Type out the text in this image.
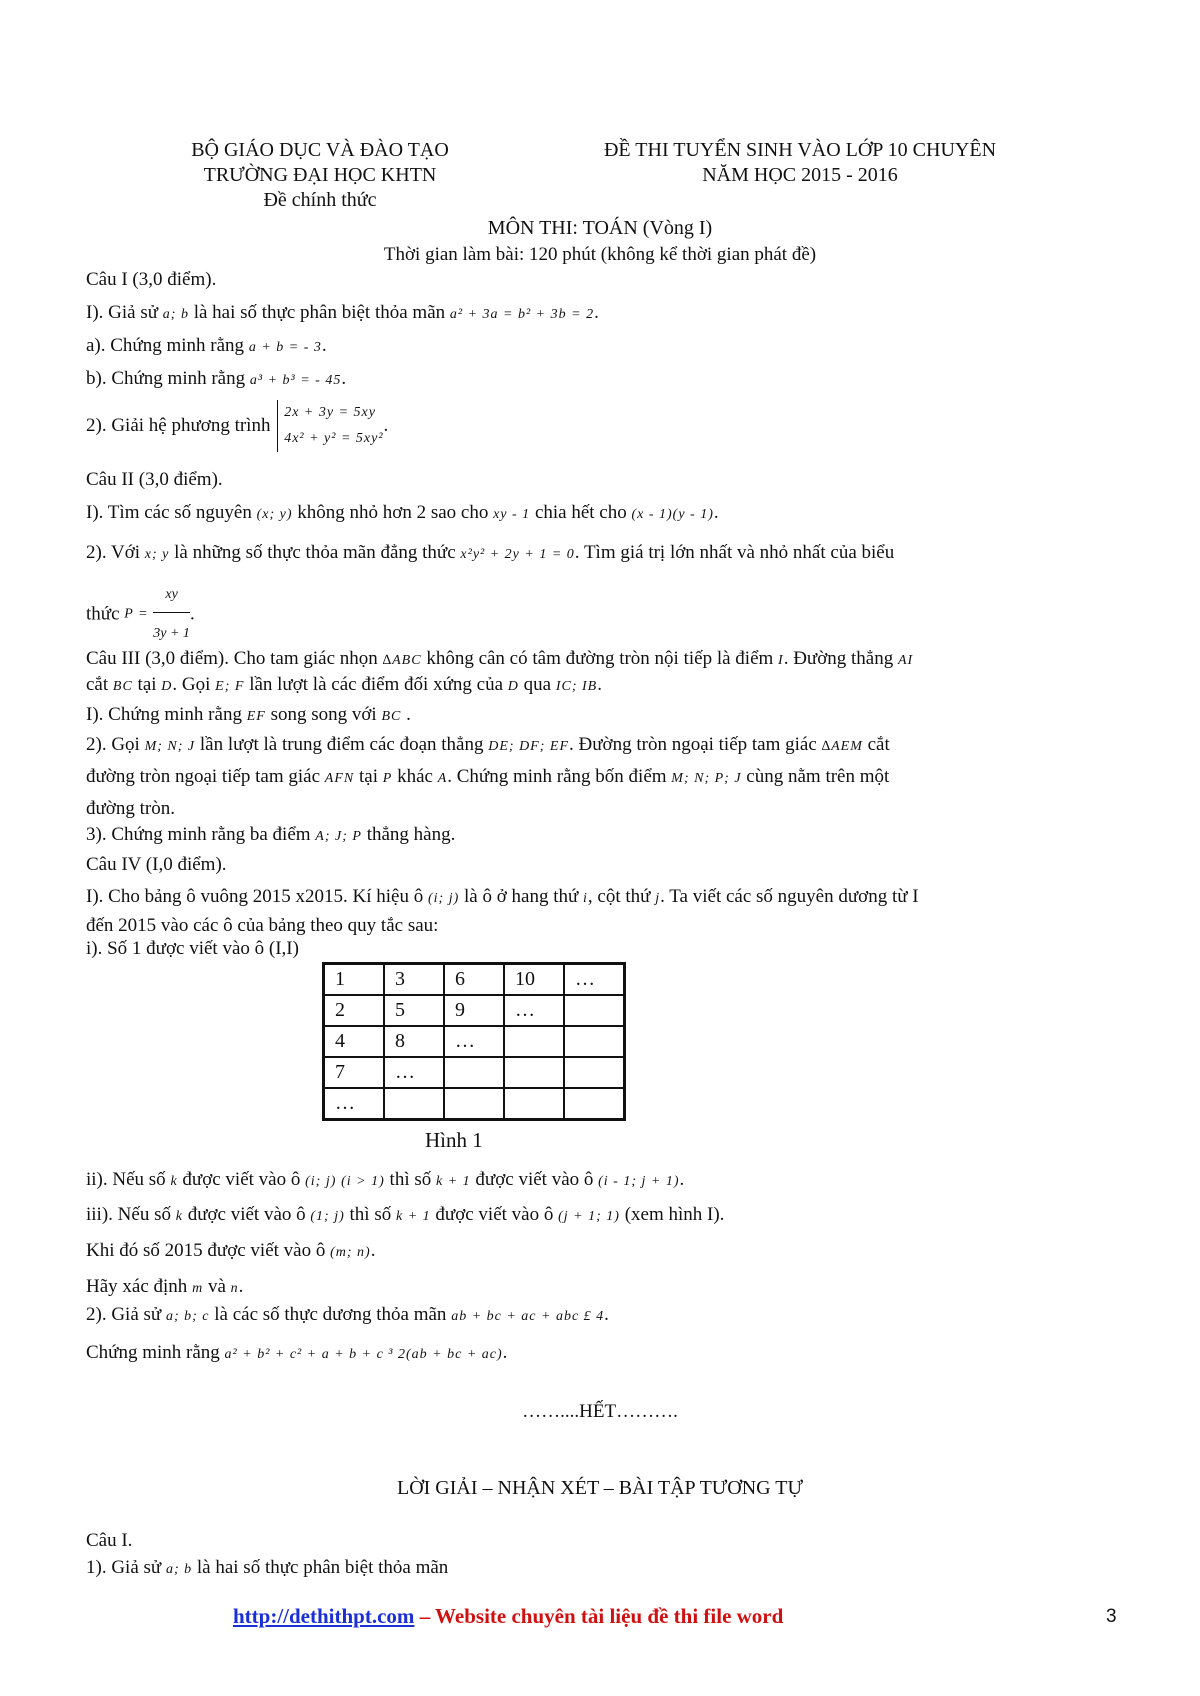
BỘ GIÁO DỤC VÀ ĐÀO TẠO
TRƯỜNG ĐẠI HỌC KHTN
Đề chính thức
ĐỀ THI TUYỂN SINH VÀO LỚP 10 CHUYÊN
NĂM HỌC 2015 - 2016
MÔN THI: TOÁN (Vòng I)
Thời gian làm bài: 120 phút (không kể thời gian phát đề)
Câu I (3,0 điểm).
I). Giả sử a; b là hai số thực phân biệt thỏa mãn a² + 3a = b² + 3b = 2.
a). Chứng minh rằng a + b = - 3.
b). Chứng minh rằng a³ + b³ = - 45.
2). Giải hệ phương trình
2x + 3y = 5xy
4x² + y² = 5xy²
.
Câu II (3,0 điểm).
I). Tìm các số nguyên (x; y) không nhỏ hơn 2 sao cho xy - 1 chia hết cho (x - 1)(y - 1).
2). Với x; y là những số thực thỏa mãn đẳng thức x²y² + 2y + 1 = 0. Tìm giá trị lớn nhất và nhỏ nhất của biểu
thức $P = \frac{xy}{3y + 1}$ .
Câu III (3,0 điểm). Cho tam giác nhọn ∆ABC không cân có tâm đường tròn nội tiếp là điểm I. Đường thẳng AI
cắt BC tại D. Gọi E; F lần lượt là các điểm đối xứng của D qua IC; IB.
I). Chứng minh rằng EF song song với BC .
2). Gọi M; N; J lần lượt là trung điểm các đoạn thẳng DE; DF; EF. Đường tròn ngoại tiếp tam giác ∆AEM cắt
đường tròn ngoại tiếp tam giác AFN tại P khác A. Chứng minh rằng bốn điểm M; N; P; J cùng nằm trên một
đường tròn.
3). Chứng minh rằng ba điểm A; J; P thẳng hàng.
Câu IV (I,0 điểm).
I). Cho bảng ô vuông 2015 x2015. Kí hiệu ô (i; j) là ô ở hang thứ i, cột thứ j. Ta viết các số nguyên dương từ I
đến 2015 vào các ô của bảng theo quy tắc sau:
i). Số 1 được viết vào ô (I,I)
1	3	6	10	…
2	5	9	…	
4	8	…		
7	…			
…				
Hình 1
ii). Nếu số k được viết vào ô (i; j) (i > 1) thì số k + 1 được viết vào ô (i - 1; j + 1).
iii). Nếu số k được viết vào ô (1; j) thì số k + 1 được viết vào ô (j + 1; 1) (xem hình I).
Khi đó số 2015 được viết vào ô (m; n).
Hãy xác định m và n.
2). Giả sử a; b; c là các số thực dương thỏa mãn ab + bc + ac + abc £ 4.
Chứng minh rằng a² + b² + c² + a + b + c ³ 2(ab + bc + ac).
……....HẾT……….
LỜI GIẢI – NHẬN XÉT – BÀI TẬP TƯƠNG TỰ
Câu I.
1). Giả sử a; b là hai số thực phân biệt thỏa mãn
http://dethithpt.com – Website chuyên tài liệu đề thi file word	3
